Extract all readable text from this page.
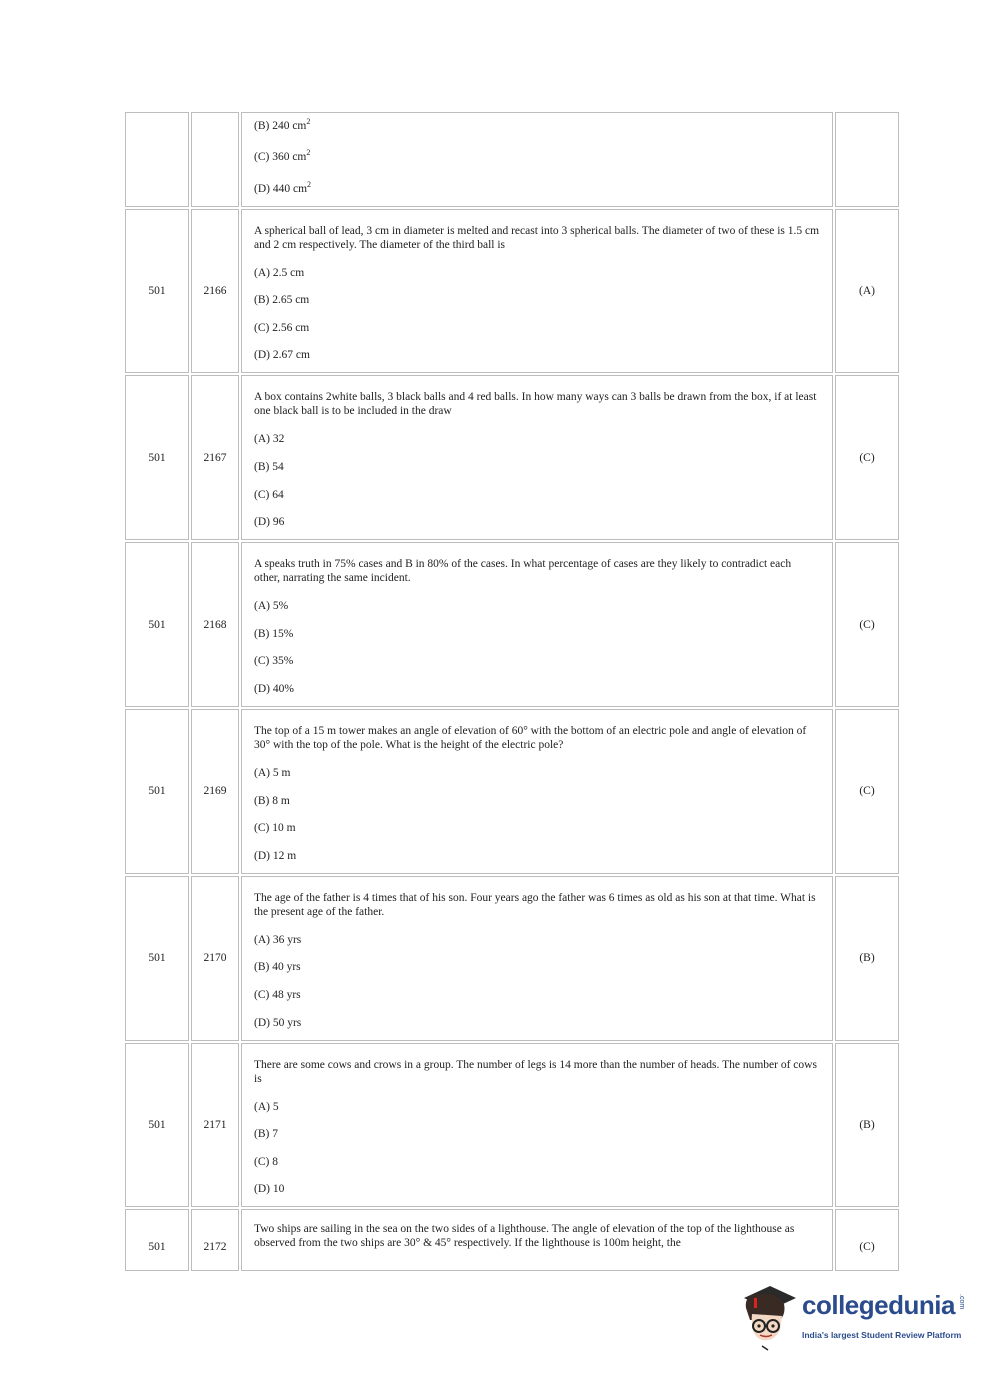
		(B) 240 $cm^2$
(C) 360 $cm^2$
(D) 440 $cm^2$

501	2166	A spherical ball of lead, 3 cm in diameter is melted and recast into 3 spherical balls. The diameter of two of these is 1.5 cm and 2 cm respectively. The diameter of the third ball is
(A) 2.5 cm
(B) 2.65 cm
(C) 2.56 cm
(D) 2.67 cm	(A)
501	2167	A box contains 2white balls, 3 black balls and 4 red balls. In how many ways can 3 balls be drawn from the box, if at least one black ball is to be included in the draw
(A) 32
(B) 54
(C) 64
(D) 96	(C)
501	2168	A speaks truth in 75% cases and B in 80% of the cases. In what percentage of cases are they likely to contradict each other, narrating the same incident.
(A) 5%
(B) 15%
(C) 35%
(D) 40%	(C)
501	2169	The top of a 15 m tower makes an angle of elevation of 60° with the bottom of an electric pole and angle of elevation of 30° with the top of the pole. What is the height of the electric pole?
(A) 5 m
(B) 8 m
(C) 10 m
(D) 12 m	(C)
501	2170	The age of the father is 4 times that of his son. Four years ago the father was 6 times as old as his son at that time. What is the present age of the father.
(A) 36 yrs
(B) 40 yrs
(C) 48 yrs
(D) 50 yrs	(B)
501	2171	There are some cows and crows in a group. The number of legs is 14 more than the number of heads. The number of cows is
(A) 5
(B) 7
(C) 8
(D) 10	(B)
501	2172	Two ships are sailing in the sea on the two sides of a lighthouse. The angle of elevation of the top of the lighthouse as observed from the two ships are 30° & 45° respectively. If the lighthouse is 100m height, the	(C)
collegedunia .com
India's largest Student Review Platform
